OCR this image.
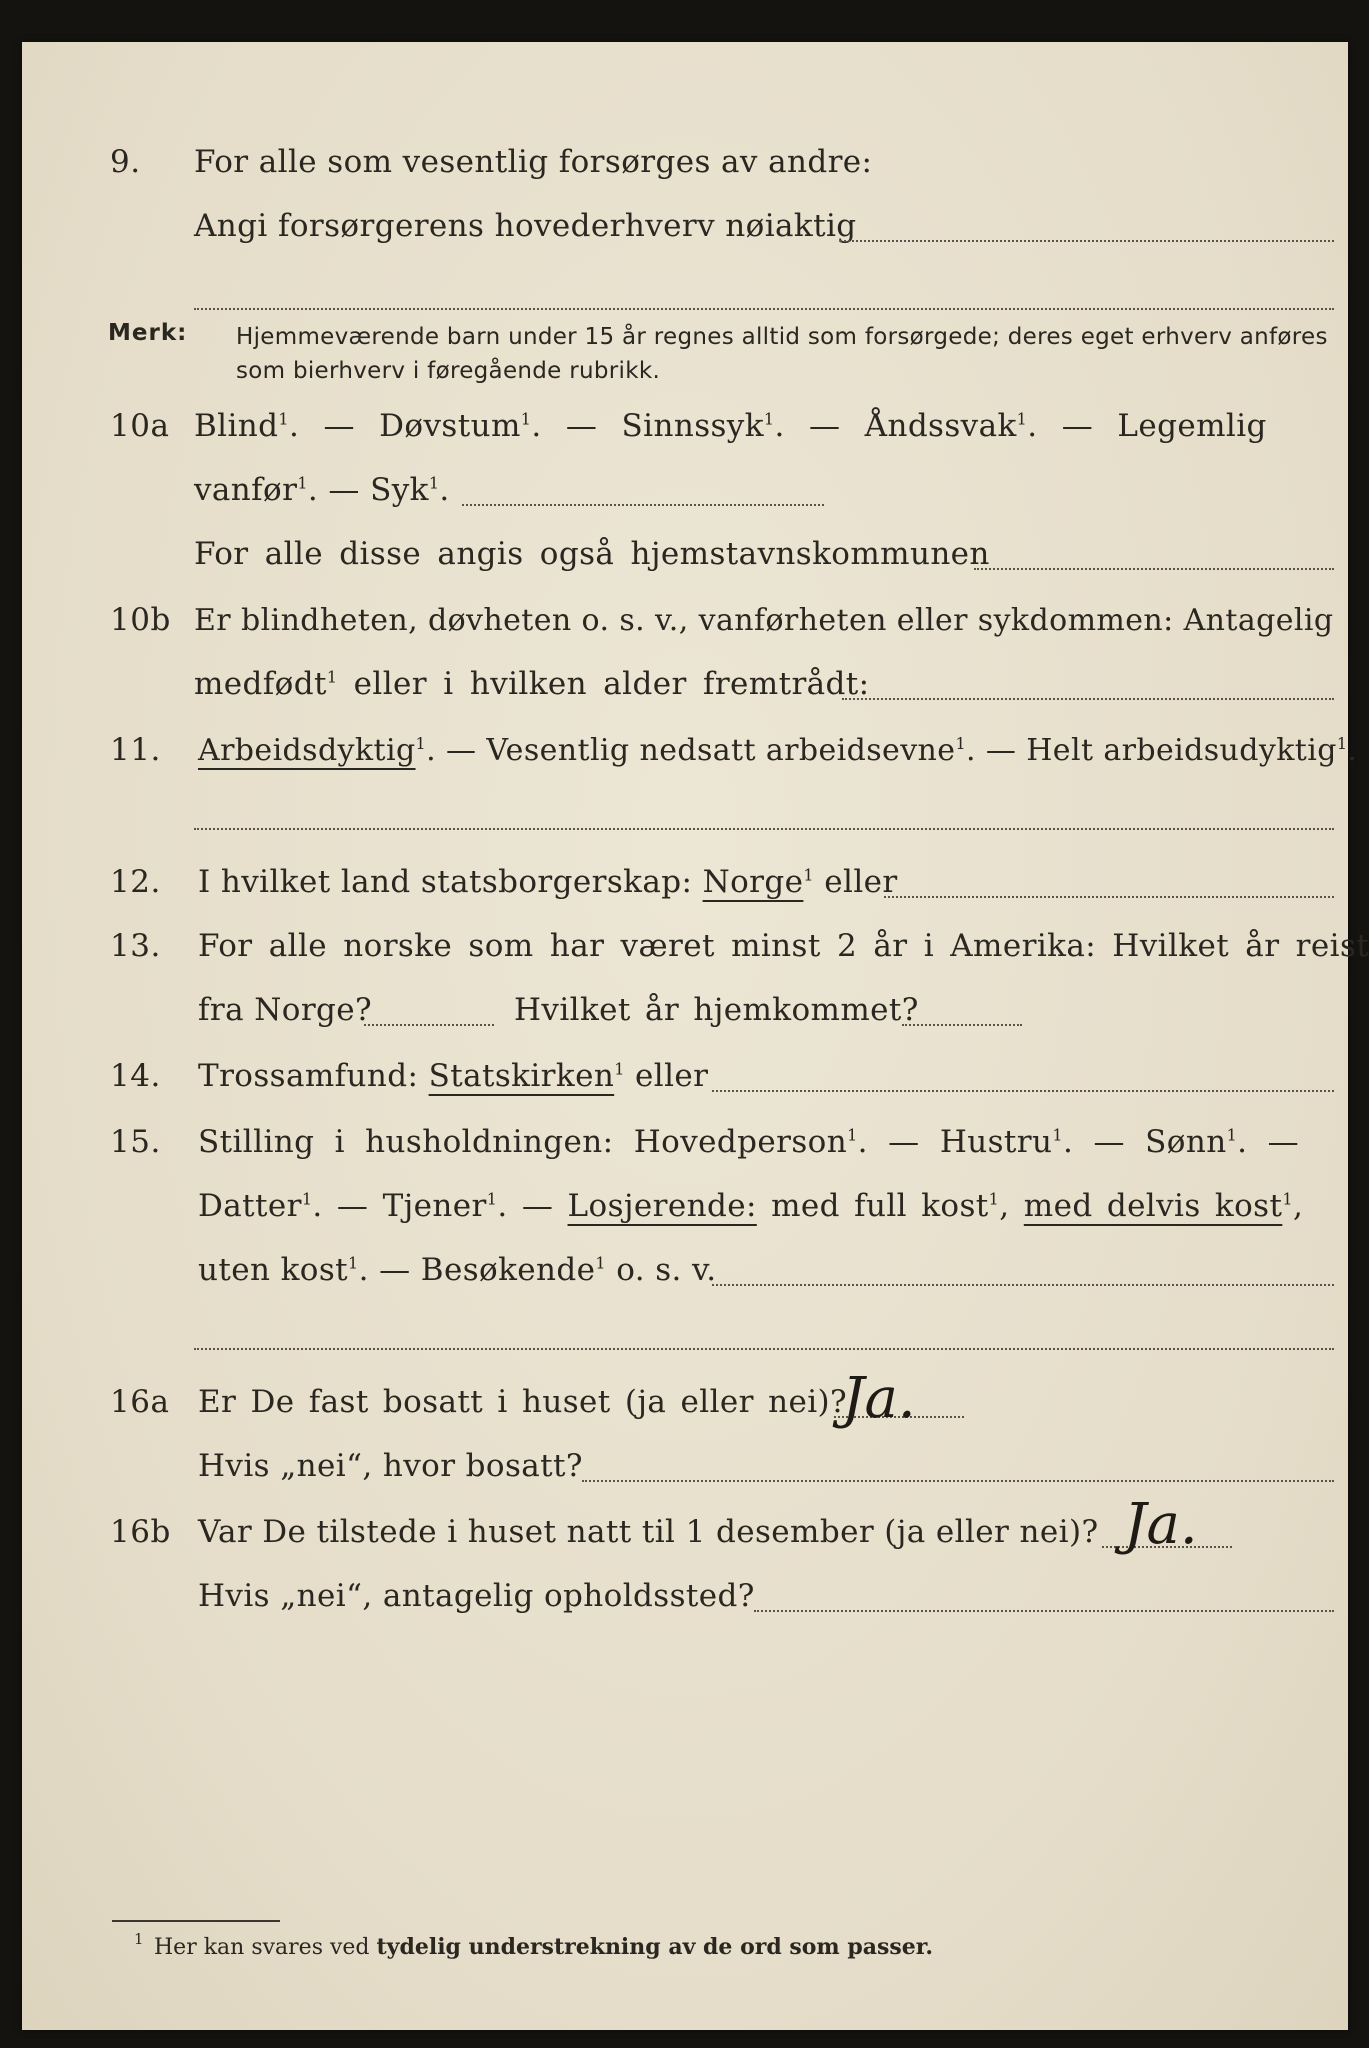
9. For alle som vesentlig forsørges av andre:
Angi forsørgerens hovederhverv nøiaktig
Merk: Hjemmeværende barn under 15 år regnes alltid som forsørgede; deres eget erhverv anføres som bierhverv i føregående rubrikk.
10a Blind$^1$. — Døvstum$^1$. — Sinnssyk$^1$. — Åndssvak$^1$. — Legemlig
vanfør$^1$. — Syk$^1$.
For alle disse angis også hjemstavnskommunen
10b Er blindheten, døvheten o. s. v., vanførheten eller sykdommen: Antagelig
medfødt$^1$ eller i hvilken alder fremtrådt:
11. Arbeidsdyktig$^1$. — Vesentlig nedsatt arbeidsevne$^1$. — Helt arbeidsudyktig$^1$.
12. I hvilket land statsborgerskap: Norge$^1$ eller
13. For alle norske som har været minst 2 år i Amerika: Hvilket år reist
fra Norge?	Hvilket år hjemkommet?
14. Trossamfund: Statskirken$^1$ eller
15. Stilling i husholdningen: Hovedperson$^1$. — Hustru$^1$. — Sønn$^1$. —
Datter$^1$. — Tjener$^1$. — Losjerende: med full kost$^1$, med delvis kost$^1$,
uten kost$^1$. — Besøkende$^1$ o. s. v.
16a Er De fast bosatt i huset (ja eller nei)?
Ja.
Hvis „nei“, hvor bosatt?
16b Var De tilstede i huset natt til 1 desember (ja eller nei)? Ja.
Hvis „nei“, antagelig opholdssted?
1 Her kan svares ved tydelig understrekning av de ord som passer.
